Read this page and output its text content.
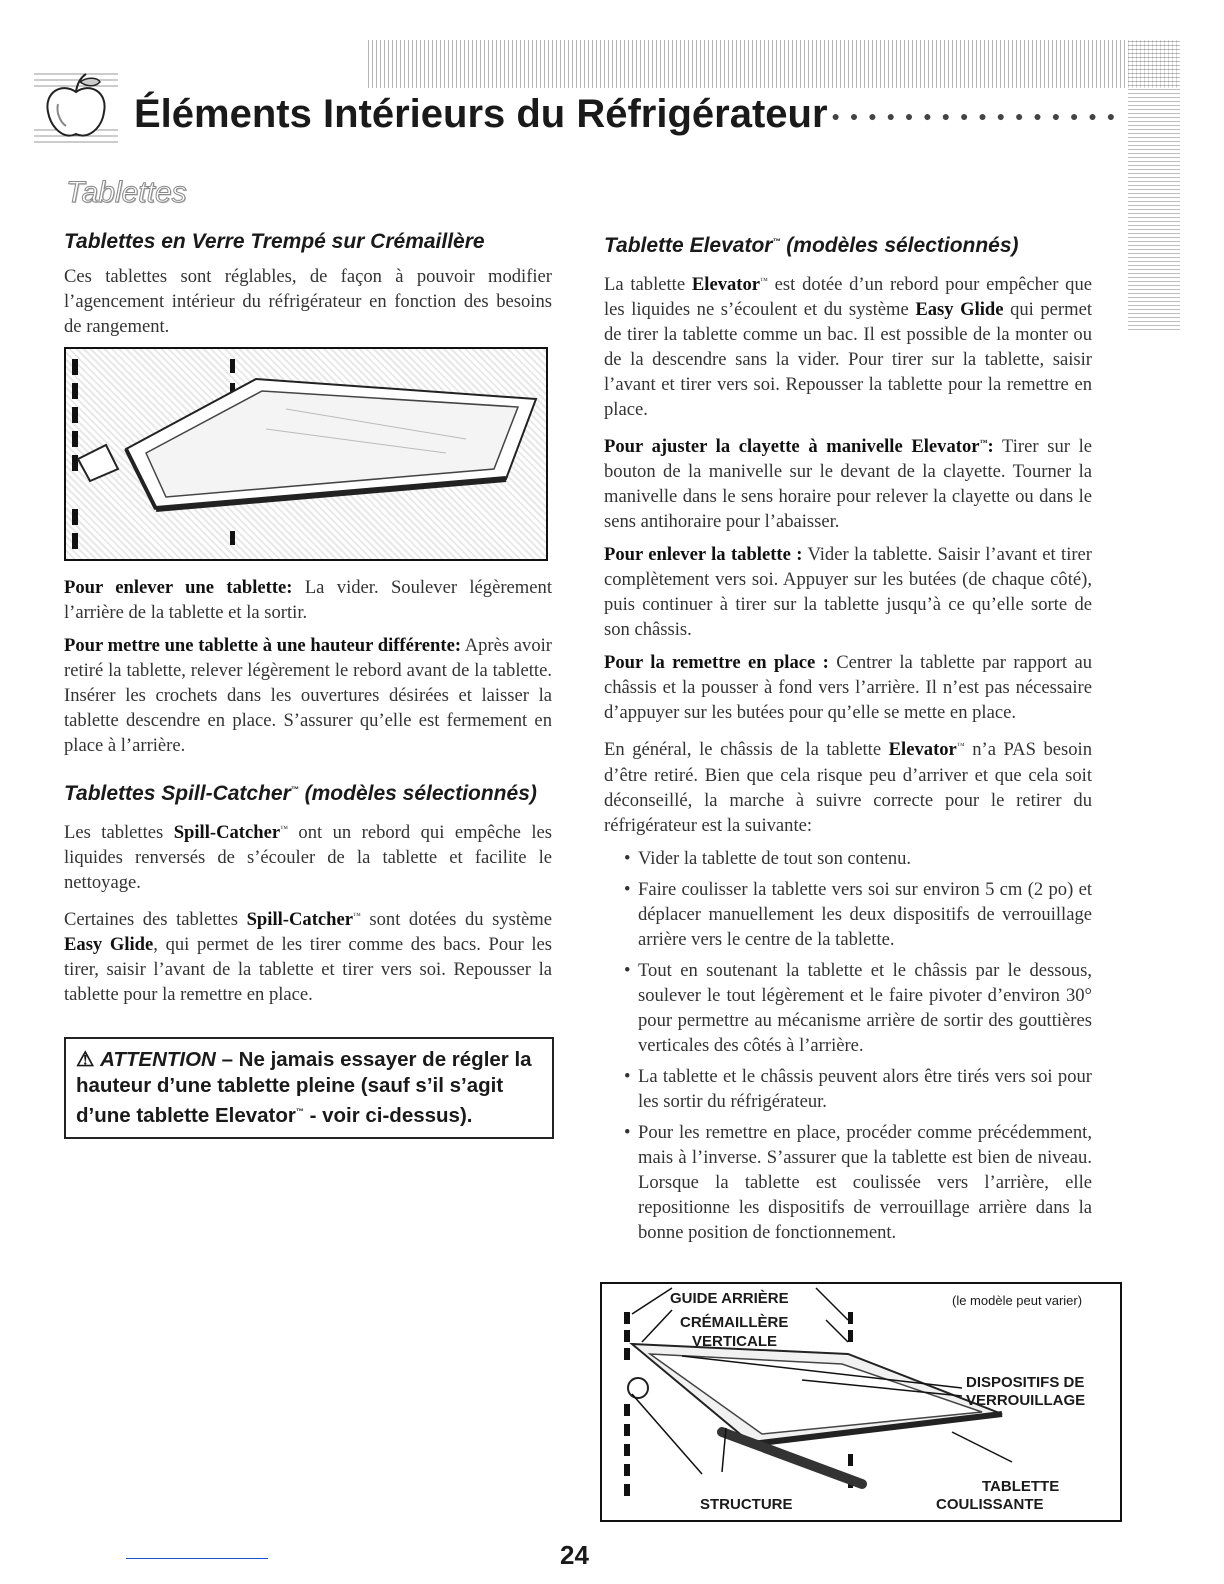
Éléments Intérieurs du Réfrigérateur ● ● ● ● ● ● ● ● ● ● ● ● ● ● ● ●
Tablettes
Tablettes en Verre Trempé sur Crémaillère

Ces tablettes sont réglables, de façon à pouvoir modifier l’agencement intérieur du réfrigérateur en fonction des besoins de rangement.

Pour enlever une tablette: La vider. Soulever légèrement l’arrière de la tablette et la sortir.

Pour mettre une tablette à une hauteur différente: Après avoir retiré la tablette, relever légèrement le rebord avant de la tablette. Insérer les crochets dans les ouvertures désirées et laisser la tablette descendre en place. S’assurer qu’elle est fermement en place à l’arrière.

Tablettes Spill-Catcher™ (modèles sélectionnés)

Les tablettes Spill-Catcher™ ont un rebord qui empêche les liquides renversés de s’écouler de la tablette et facilite le nettoyage.

Certaines des tablettes Spill-Catcher™ sont dotées du système Easy Glide, qui permet de les tirer comme des bacs. Pour les tirer, saisir l’avant de la tablette et tirer vers soi. Repousser la tablette pour la remettre en place.

⚠ ATTENTION – Ne jamais essayer de régler la hauteur d’une tablette pleine (sauf s’il s’agit d’une tablette Elevator™ - voir ci-dessus).
Tablette Elevator™ (modèles sélectionnés)

La tablette Elevator™ est dotée d’un rebord pour empêcher que les liquides ne s’écoulent et du système Easy Glide qui permet de tirer la tablette comme un bac. Il est possible de la monter ou de la descendre sans la vider. Pour tirer sur la tablette, saisir l’avant et tirer vers soi. Repousser la tablette pour la remettre en place.

Pour ajuster la clayette à manivelle Elevator™: Tirer sur le bouton de la manivelle sur le devant de la clayette. Tourner la manivelle dans le sens horaire pour relever la clayette ou dans le sens antihoraire pour l’abaisser.

Pour enlever la tablette : Vider la tablette. Saisir l’avant et tirer complètement vers soi. Appuyer sur les butées (de chaque côté), puis continuer à tirer sur la tablette jusqu’à ce qu’elle sorte de son châssis.

Pour la remettre en place : Centrer la tablette par rapport au châssis et la pousser à fond vers l’arrière. Il n’est pas nécessaire d’appuyer sur les butées pour qu’elle se mette en place.

En général, le châssis de la tablette Elevator™ n’a PAS besoin d’être retiré. Bien que cela risque peu d’arriver et que cela soit déconseillé, la marche à suivre correcte pour le retirer du réfrigérateur est la suivante:

• Vider la tablette de tout son contenu.
• Faire coulisser la tablette vers soi sur environ 5 cm (2 po) et déplacer manuellement les deux dispositifs de verrouillage arrière vers le centre de la tablette.
• Tout en soutenant la tablette et le châssis par le dessous, soulever le tout légèrement et le faire pivoter d’environ 30° pour permettre au mécanisme arrière de sortir des gouttières verticales des côtés à l’arrière.
• La tablette et le châssis peuvent alors être tirés vers soi pour les sortir du réfrigérateur.
• Pour les remettre en place, procéder comme précédemment, mais à l’inverse. S’assurer que la tablette est bien de niveau. Lorsque la tablette est coulissée vers l’arrière, elle repositionne les dispositifs de verrouillage arrière dans la bonne position de fonctionnement.
GUIDE ARRIÈRE
CRÉMAILLÈRE
VERTICALE
(le modèle peut varier)
DISPOSITIFS DE
VERROUILLAGE
TABLETTE
COULISSANTE
STRUCTURE
24
